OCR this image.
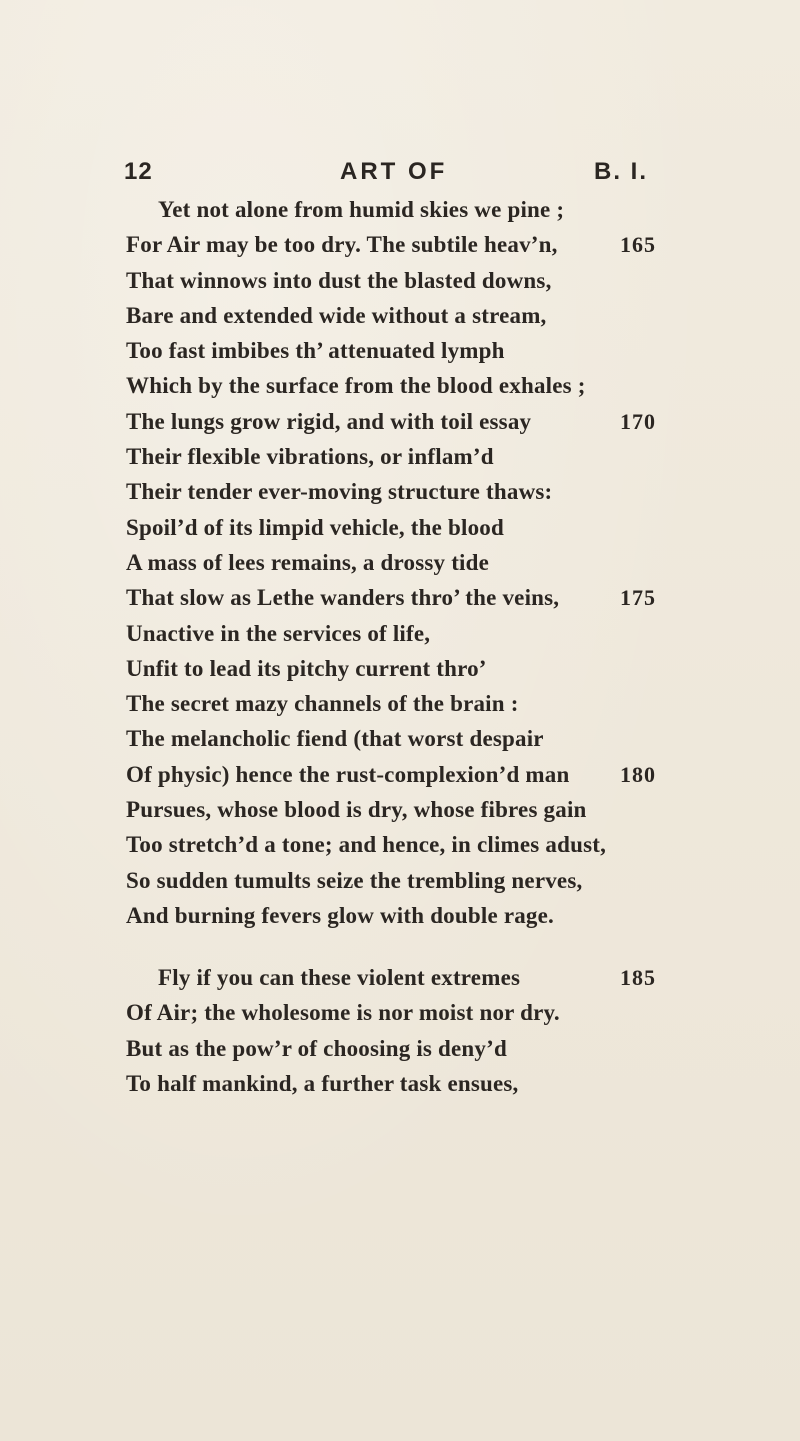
12	ART OF	B. I.
Yet not alone from humid skies we pine ;
For Air may be too dry. The subtile heav’n,	165
That winnows into dust the blasted downs,
Bare and extended wide without a stream,
Too fast imbibes th’ attenuated lymph
Which by the surface from the blood exhales ;
The lungs grow rigid, and with toil essay	170
Their flexible vibrations, or inflam’d
Their tender ever-moving structure thaws:
Spoil’d of its limpid vehicle, the blood
A mass of lees remains, a drossy tide
That slow as Lethe wanders thro’ the veins,	175
Unactive in the services of life,
Unfit to lead its pitchy current thro’
The secret mazy channels of the brain :
The melancholic fiend (that worst despair
Of physic) hence the rust-complexion’d man 180
Pursues, whose blood is dry, whose fibres gain
Too stretch’d a tone; and hence, in climes adust,
So sudden tumults seize the trembling nerves,
And burning fevers glow with double rage.
Fly if you can these violent extremes	185
Of Air; the wholesome is nor moist nor dry.
But as the pow’r of choosing is deny’d
To half mankind, a further task ensues,
